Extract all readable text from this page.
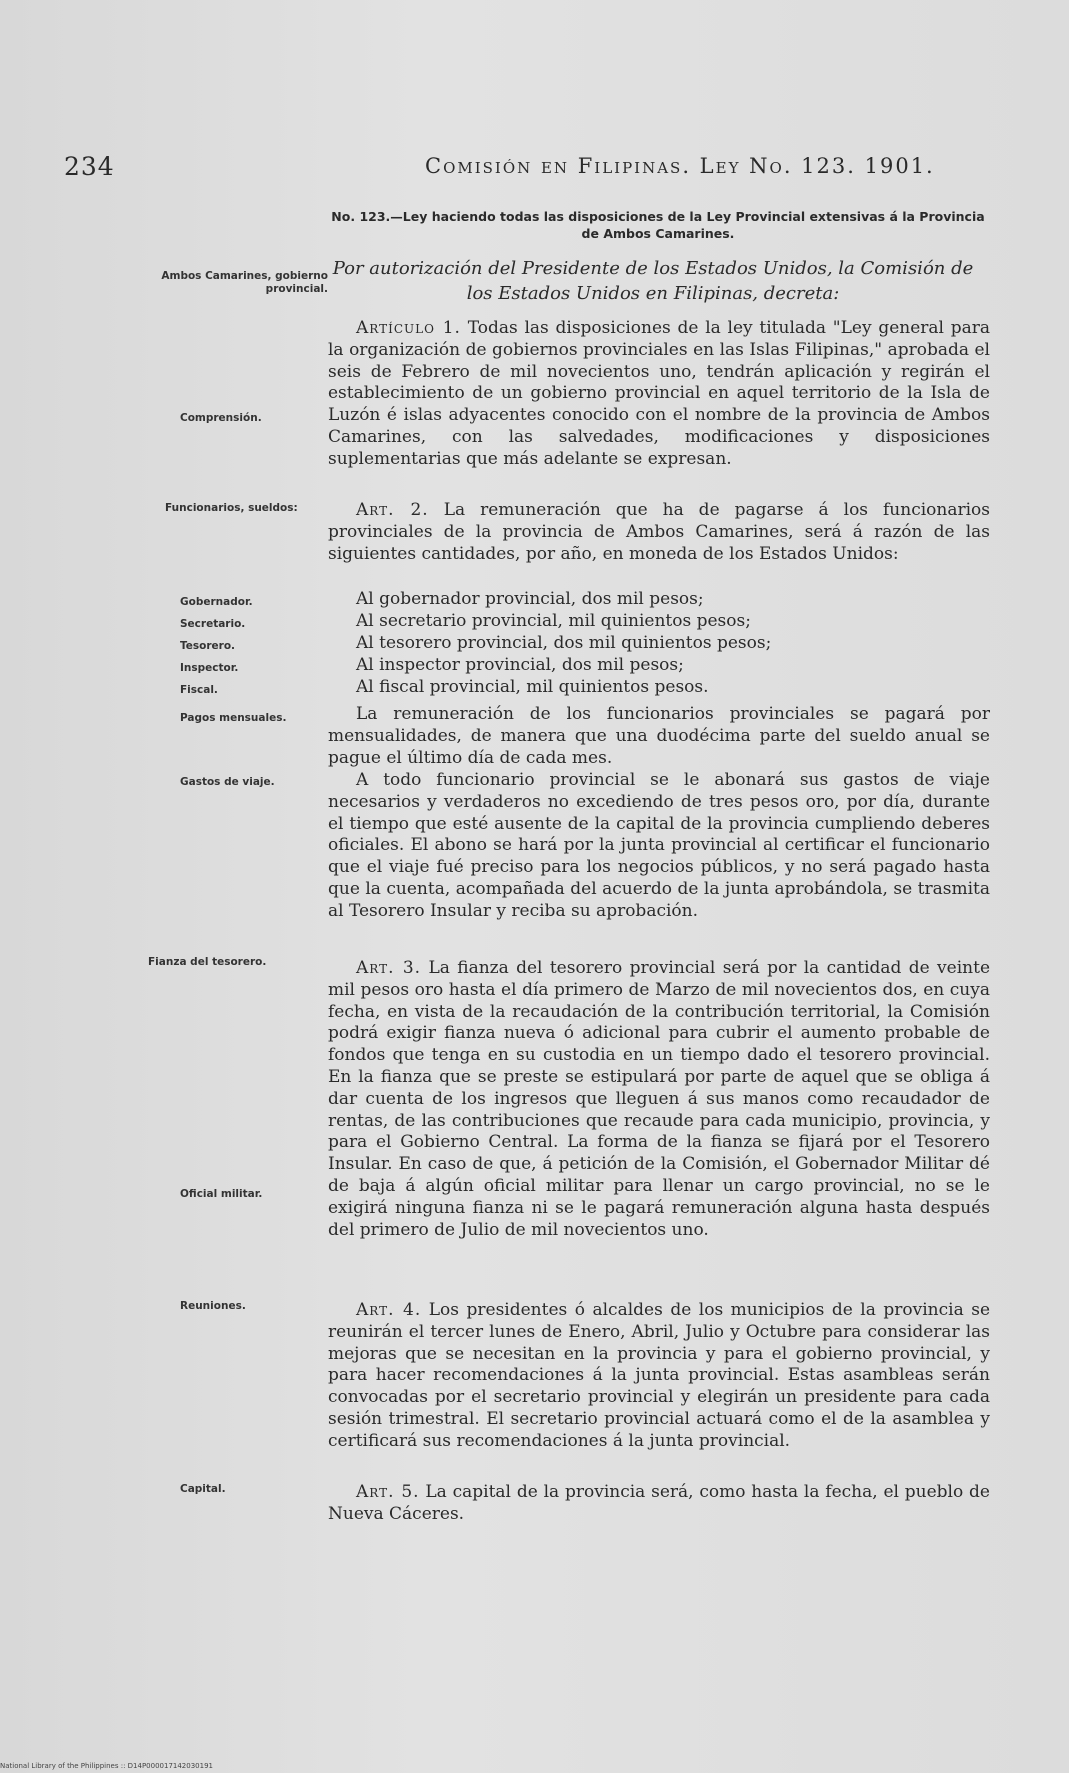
234	Comisión en Filipinas. Ley No. 123. 1901.
No. 123.—Ley haciendo todas las disposiciones de la Ley Provincial extensivas á la Provincia de Ambos Camarines.
Ambos Camarines, gobierno provincial.
Comprensión.
Funcionarios, sueldos:
Gobernador.
Secretario.
Tesorero.
Inspector.
Fiscal.
Pagos mensuales.
Gastos de viaje.
Fianza del tesorero.
Oficial militar.
Reuniones.
Capital.
Por autorización del Presidente de los Estados Unidos, la Comisión de los Estados Unidos en Filipinas, decreta:
Artículo 1. Todas las disposiciones de la ley titulada "Ley general para la organización de gobiernos provinciales en las Islas Filipinas," aprobada el seis de Febrero de mil novecientos uno, tendrán aplicación y regirán el establecimiento de un gobierno provincial en aquel territorio de la Isla de Luzón é islas adyacentes conocido con el nombre de la provincia de Ambos Camarines, con las salvedades, modificaciones y disposiciones suplementarias que más adelante se expresan.
Art. 2. La remuneración que ha de pagarse á los funcionarios provinciales de la provincia de Ambos Camarines, será á razón de las siguientes cantidades, por año, en moneda de los Estados Unidos:
Al gobernador provincial, dos mil pesos;
Al secretario provincial, mil quinientos pesos;
Al tesorero provincial, dos mil quinientos pesos;
Al inspector provincial, dos mil pesos;
Al fiscal provincial, mil quinientos pesos.
La remuneración de los funcionarios provinciales se pagará por mensualidades, de manera que una duodécima parte del sueldo anual se pague el último día de cada mes.
A todo funcionario provincial se le abonará sus gastos de viaje necesarios y verdaderos no excediendo de tres pesos oro, por día, durante el tiempo que esté ausente de la capital de la provincia cumpliendo deberes oficiales. El abono se hará por la junta provincial al certificar el funcionario que el viaje fué preciso para los negocios públicos, y no será pagado hasta que la cuenta, acompañada del acuerdo de la junta aprobándola, se trasmita al Tesorero Insular y reciba su aprobación.
Art. 3. La fianza del tesorero provincial será por la cantidad de veinte mil pesos oro hasta el día primero de Marzo de mil novecientos dos, en cuya fecha, en vista de la recaudación de la contribución territorial, la Comisión podrá exigir fianza nueva ó adicional para cubrir el aumento probable de fondos que tenga en su custodia en un tiempo dado el tesorero provincial. En la fianza que se preste se estipulará por parte de aquel que se obliga á dar cuenta de los ingresos que lleguen á sus manos como recaudador de rentas, de las contribuciones que recaude para cada municipio, provincia, y para el Gobierno Central. La forma de la fianza se fijará por el Tesorero Insular. En caso de que, á petición de la Comisión, el Gobernador Militar dé de baja á algún oficial militar para llenar un cargo provincial, no se le exigirá ninguna fianza ni se le pagará remuneración alguna hasta después del primero de Julio de mil novecientos uno.
Art. 4. Los presidentes ó alcaldes de los municipios de la provincia se reunirán el tercer lunes de Enero, Abril, Julio y Octubre para considerar las mejoras que se necesitan en la provincia y para el gobierno provincial, y para hacer recomendaciones á la junta provincial. Estas asambleas serán convocadas por el secretario provincial y elegirán un presidente para cada sesión trimestral. El secretario provincial actuará como el de la asamblea y certificará sus recomendaciones á la junta provincial.
Art. 5. La capital de la provincia será, como hasta la fecha, el pueblo de Nueva Cáceres.
National Library of the Philippines :: D14P000017142030191
